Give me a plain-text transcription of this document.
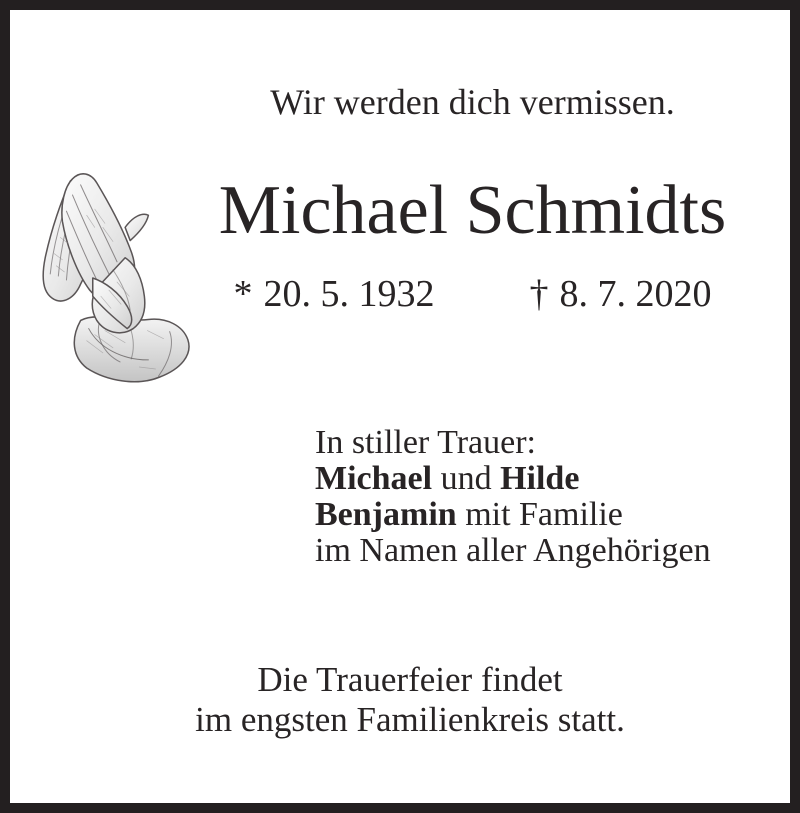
Wir werden dich vermissen.
Michael Schmidts
* 20. 5. 1932	† 8. 7. 2020
In stiller Trauer:
Michael und Hilde
Benjamin mit Familie
im Namen aller Angehörigen
Die Trauerfeier findet
im engsten Familienkreis statt.
